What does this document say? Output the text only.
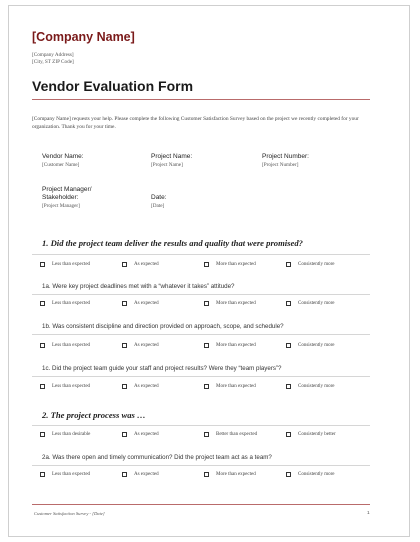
[Company Name]
[Company Address]
[City, ST ZIP Code]
Vendor Evaluation Form
[Company Name] requests your help. Please complete the following Customer Satisfaction Survey based on the project we recently completed for your organization. Thank you for your time.
Vendor Name:
[Customer Name]
Project Name:
[Project Name]
Project Number:
[Project Number]
Project Manager/
Stakeholder:
[Project Manager]
Date:
[Date]
1. Did the project team deliver the results and quality that were promised?
Less than expected	As expected	More than expected	Consistently more
1a. Were key project deadlines met with a “whatever it takes” attitude?
Less than expected	As expected	More than expected	Consistently more
1b. Was consistent discipline and direction provided on approach, scope, and schedule?
Less than expected	As expected	More than expected	Consistently more
1c. Did the project team guide your staff and project results? Were they “team players”?
Less than expected	As expected	More than expected	Consistently more
2. The project process was …
Less than desirable	As expected	Better than expected	Consistently better
2a. Was there open and timely communication? Did the project team act as a team?
Less than expected	As expected	More than expected	Consistently more
Customer Satisfaction Survey - [Date]	1
